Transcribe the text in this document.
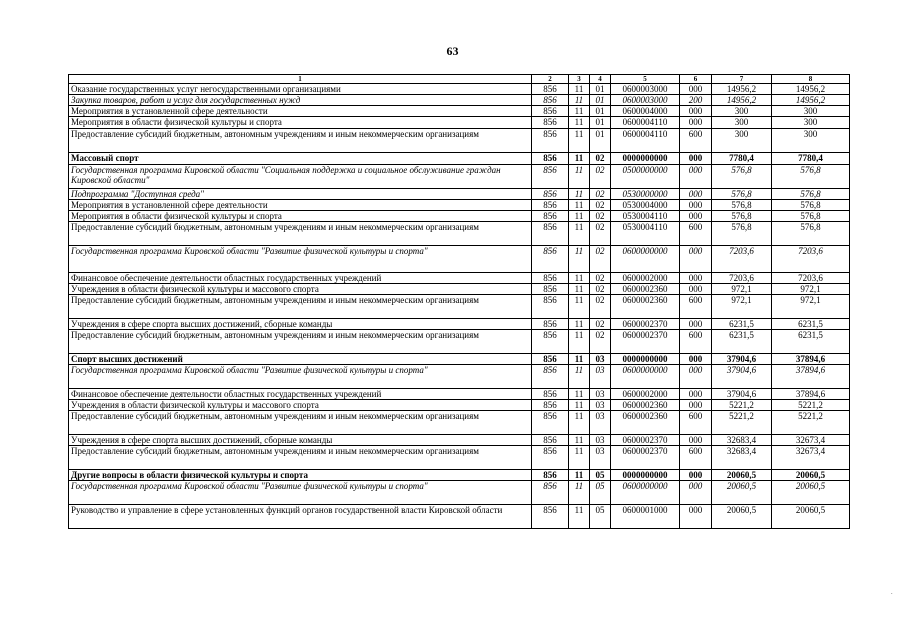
63
1	2	3	4	5	6	7	8
Оказание государственных услуг негосударственными организациями	856	11	01	0600003000	000	14956,2	14956,2
Закупка товаров, работ и услуг для государственных нужд	856	11	01	0600003000	200	14956,2	14956,2
Мероприятия в установленной сфере деятельности	856	11	01	0600004000	000	300	300
Мероприятия в области физической культуры и спорта	856	11	01	0600004110	000	300	300
Предоставление субсидий бюджетным, автономным учреждениям и иным некоммерческим организациям	856	11	01	0600004110	600	300	300
Массовый спорт	856	11	02	0000000000	000	7780,4	7780,4
Государственная программа Кировской области "Социальная поддержка и социальное обслуживание граждан Кировской области"	856	11	02	0500000000	000	576,8	576,8
Подпрограмма "Доступная среда"	856	11	02	0530000000	000	576,8	576,8
Мероприятия в установленной сфере деятельности	856	11	02	0530004000	000	576,8	576,8
Мероприятия в области физической культуры и спорта	856	11	02	0530004110	000	576,8	576,8
Предоставление субсидий бюджетным, автономным учреждениям и иным некоммерческим организациям	856	11	02	0530004110	600	576,8	576,8
Государственная программа Кировской области "Развитие физической культуры и спорта"	856	11	02	0600000000	000	7203,6	7203,6
Финансовое обеспечение деятельности областных государственных учреждений	856	11	02	0600002000	000	7203,6	7203,6
Учреждения в области физической культуры и массового спорта	856	11	02	0600002360	000	972,1	972,1
Предоставление субсидий бюджетным, автономным учреждениям и иным некоммерческим организациям	856	11	02	0600002360	600	972,1	972,1
Учреждения в сфере спорта высших достижений, сборные команды	856	11	02	0600002370	000	6231,5	6231,5
Предоставление субсидий бюджетным, автономным учреждениям и иным некоммерческим организациям	856	11	02	0600002370	600	6231,5	6231,5
Спорт высших достижений	856	11	03	0000000000	000	37904,6	37894,6
Государственная программа Кировской области "Развитие физической культуры и спорта"	856	11	03	0600000000	000	37904,6	37894,6
Финансовое обеспечение деятельности областных государственных учреждений	856	11	03	0600002000	000	37904,6	37894,6
Учреждения в области физической культуры и массового спорта	856	11	03	0600002360	000	5221,2	5221,2
Предоставление субсидий бюджетным, автономным учреждениям и иным некоммерческим организациям	856	11	03	0600002360	600	5221,2	5221,2
Учреждения в сфере спорта высших достижений, сборные команды	856	11	03	0600002370	000	32683,4	32673,4
Предоставление субсидий бюджетным, автономным учреждениям и иным некоммерческим организациям	856	11	03	0600002370	600	32683,4	32673,4
Другие вопросы в области физической культуры и спорта	856	11	05	0000000000	000	20060,5	20060,5
Государственная программа Кировской области "Развитие физической культуры и спорта"	856	11	05	0600000000	000	20060,5	20060,5
Руководство и управление в сфере установленных функций органов государственной власти Кировской области	856	11	05	0600001000	000	20060,5	20060,5
·
